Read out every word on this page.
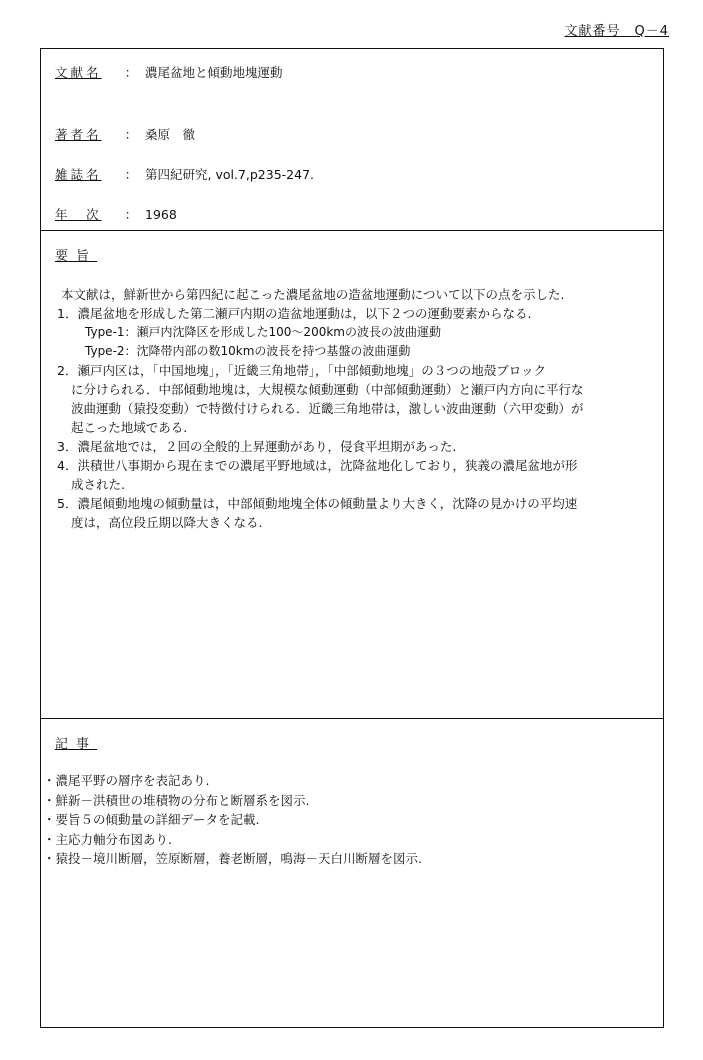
文献番号　Q－4
文献名	： 濃尾盆地と傾動地塊運動
著者名	： 桑原　徹
雑誌名	： 第四紀研究, vol.7,p235-247.
年　次	： 1968
要旨
本文献は，鮮新世から第四紀に起こった濃尾盆地の造盆地運動について以下の点を示した.
1．濃尾盆地を形成した第二瀬戸内期の造盆地運動は，以下２つの運動要素からなる.
Type-1：瀬戸内沈降区を形成した100～200kmの波長の波曲運動
Type-2：沈降帯内部の数10kmの波長を持つ基盤の波曲運動
2．瀬戸内区は，「中国地塊」，「近畿三角地帯」，「中部傾動地塊」の３つの地殻ブロック
に分けられる．中部傾動地塊は，大規模な傾動運動（中部傾動運動）と瀬戸内方向に平行な
波曲運動（猿投変動）で特徴付けられる．近畿三角地帯は，激しい波曲運動（六甲変動）が
起こった地域である.
3．濃尾盆地では，２回の全般的上昇運動があり，侵食平坦期があった.
4．洪積世八事期から現在までの濃尾平野地域は，沈降盆地化しており，狭義の濃尾盆地が形
成された.
5．濃尾傾動地塊の傾動量は，中部傾動地塊全体の傾動量より大きく，沈降の見かけの平均速
度は，高位段丘期以降大きくなる.
記事
・濃尾平野の層序を表記あり.
・鮮新－洪積世の堆積物の分布と断層系を図示.
・要旨５の傾動量の詳細データを記載.
・主応力軸分布図あり.
・猿投－境川断層，笠原断層，養老断層，鳴海－天白川断層を図示.
